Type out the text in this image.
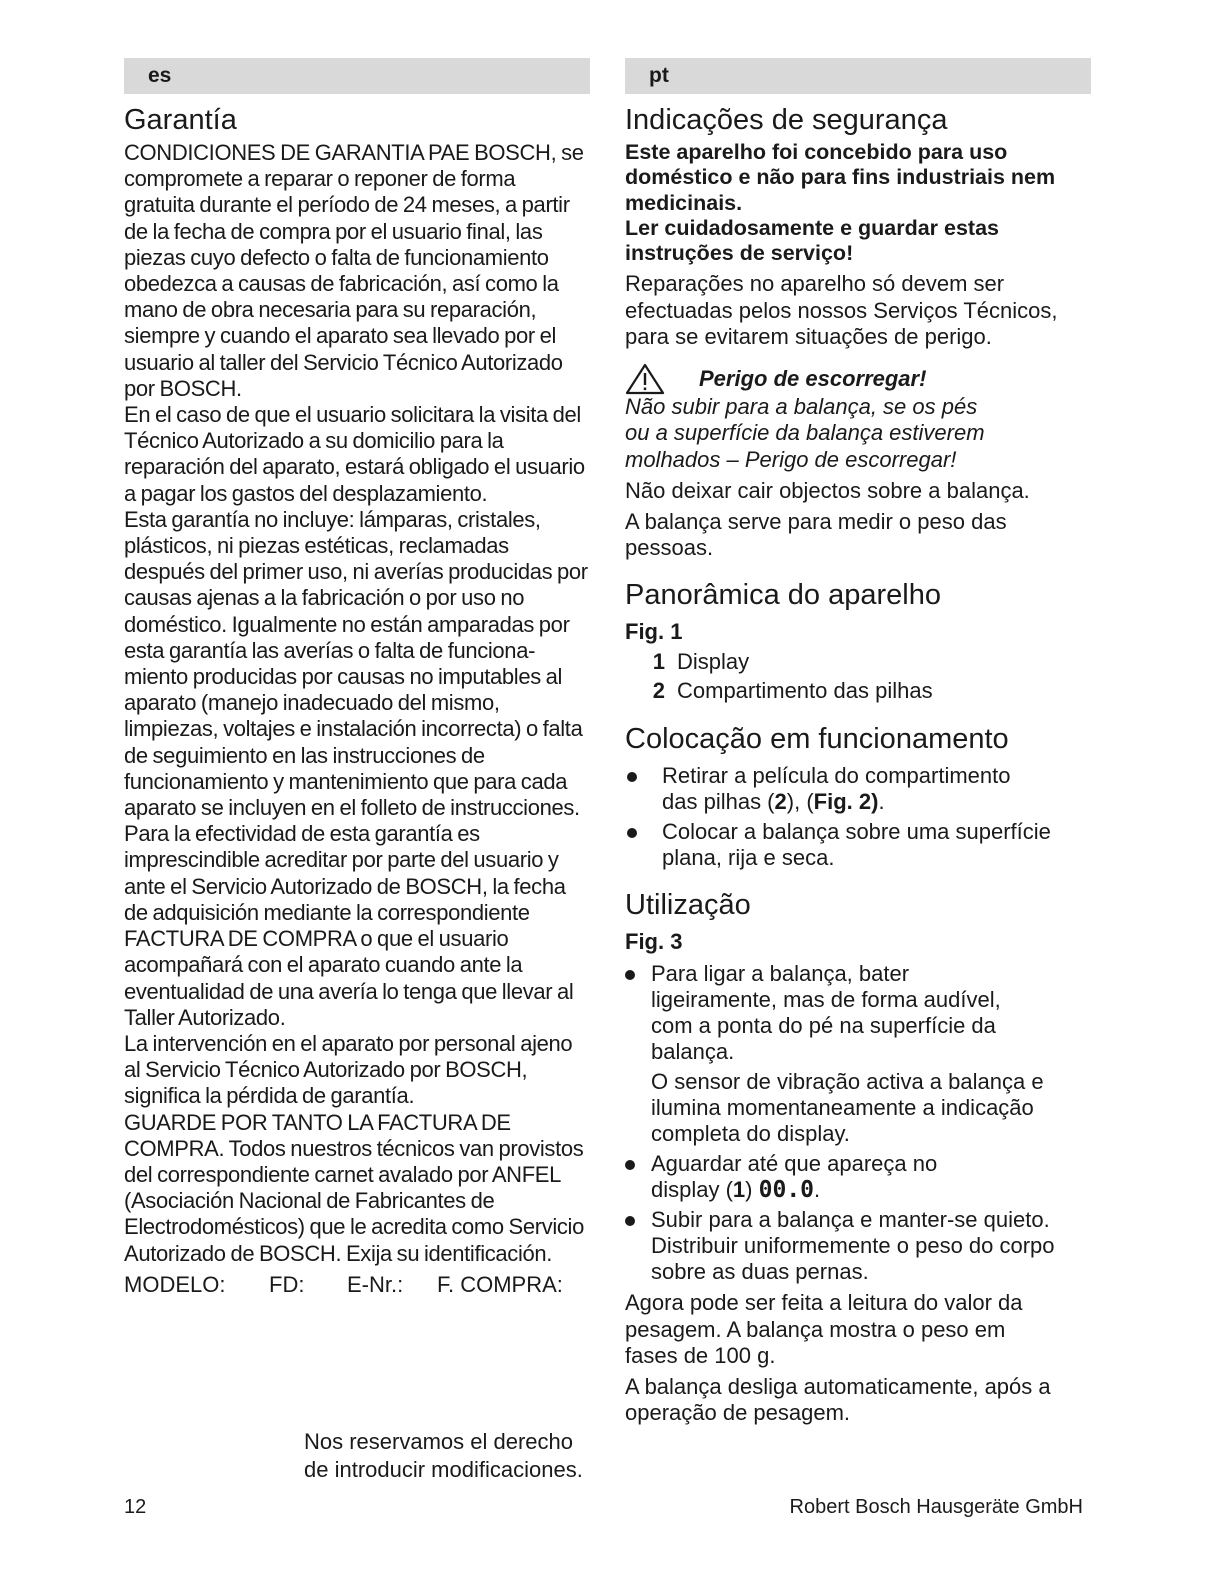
es
Garantía

CONDICIONES DE GARANTIA PAE BOSCH, se compromete a reparar o reponer de forma gratuita durante el período de 24 meses, a partir de la fecha de compra por el usuario final, las piezas cuyo defecto o falta de funcionamiento obedezca a causas de fabricación, así como la mano de obra necesaria para su reparación, siempre y cuando el aparato sea llevado por el usuario al taller del Servicio Técnico Autorizado por BOSCH.

En el caso de que el usuario solicitara la visita del Técnico Autorizado a su domicilio para la reparación del aparato, estará obligado el usuario a pagar los gastos del desplazamiento.

Esta garantía no incluye: lámparas, cristales, plásticos, ni piezas estéticas, reclamadas después del primer uso, ni averías producidas por causas ajenas a la fabricación o por uso no doméstico. Igualmente no están amparadas por esta garantía las averías o falta de funciona-miento producidas por causas no imputables al aparato (manejo inadecuado del mismo, limpiezas, voltajes e instalación incorrecta) o falta de seguimiento en las instrucciones de funcionamiento y mantenimiento que para cada aparato se incluyen en el folleto de instrucciones.

Para la efectividad de esta garantía es imprescindible acreditar por parte del usuario y ante el Servicio Autorizado de BOSCH, la fecha de adquisición mediante la correspondiente FACTURA DE COMPRA o que el usuario acompañará con el aparato cuando ante la eventualidad de una avería lo tenga que llevar al Taller Autorizado.

La intervención en el aparato por personal ajeno al Servicio Técnico Autorizado por BOSCH, significa la pérdida de garantía.

GUARDE POR TANTO LA FACTURA DE COMPRA. Todos nuestros técnicos van provistos del correspondiente carnet avalado por ANFEL (Asociación Nacional de Fabricantes de Electrodomésticos) que le acredita como Servicio Autorizado de BOSCH. Exija su identificación.

MODELO:	FD:	E-Nr.:	F. COMPRA:
Nos reservamos el derecho
de introducir modificaciones.
pt
Indicações de segurança

Este aparelho foi concebido para uso doméstico e não para fins industriais nem medicinais.

Ler cuidadosamente e guardar estas instruções de serviço!

Reparações no aparelho só devem ser efectuadas pelos nossos Serviços Técnicos, para se evitarem situações de perigo.

Perigo de escorregar!

Não subir para a balança, se os pés ou a superfície da balança estiverem molhados – Perigo de escorregar!

Não deixar cair objectos sobre a balança.

A balança serve para medir o peso das pessoas.

Panorâmica do aparelho
Fig. 1
1 Display
2 Compartimento das pilhas
Colocação em funcionamento
Retirar a película do compartimento das pilhas (2), (Fig. 2).
Colocar a balança sobre uma superfície plana, rija e seca.
Utilização
Fig. 3
Para ligar a balança, bater ligeiramente, mas de forma audível, com a ponta do pé na superfície da balança.
O sensor de vibração activa a balança e ilumina momentaneamente a indicação completa do display.
Aguardar até que apareça no display (1) 00.0.
Subir para a balança e manter-se quieto. Distribuir uniformemente o peso do corpo sobre as duas pernas.

Agora pode ser feita a leitura do valor da pesagem. A balança mostra o peso em fases de 100 g.

A balança desliga automaticamente, após a operação de pesagem.

12	Robert Bosch Hausgeräte GmbH
